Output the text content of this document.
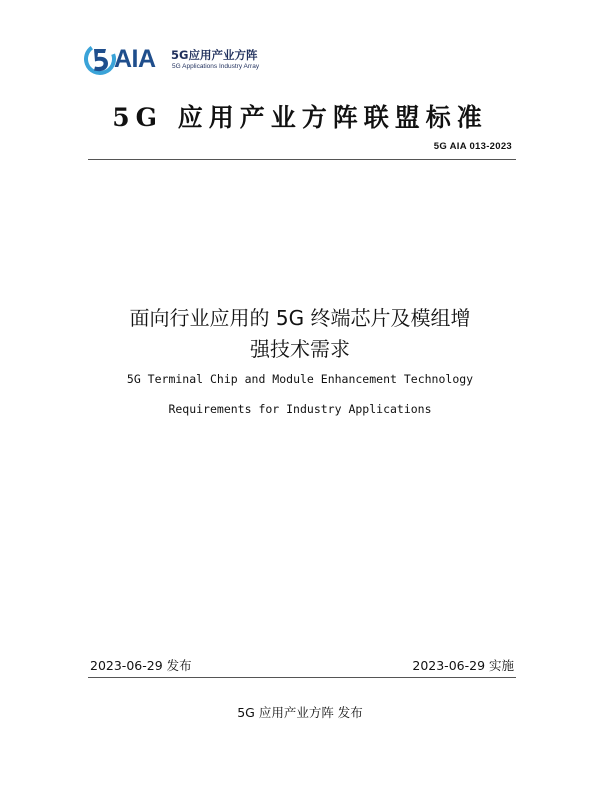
AIA 5G应用产业方阵
5G Applications Industry Array
5G 应用产业方阵联盟标准
5G AIA 013-2023
面向行业应用的 5G 终端芯片及模组增
强技术需求
5G Terminal Chip and Module Enhancement Technology
Requirements for Industry Applications
2023-06-29 发布	2023-06-29 实施
5G 应用产业方阵 发布
